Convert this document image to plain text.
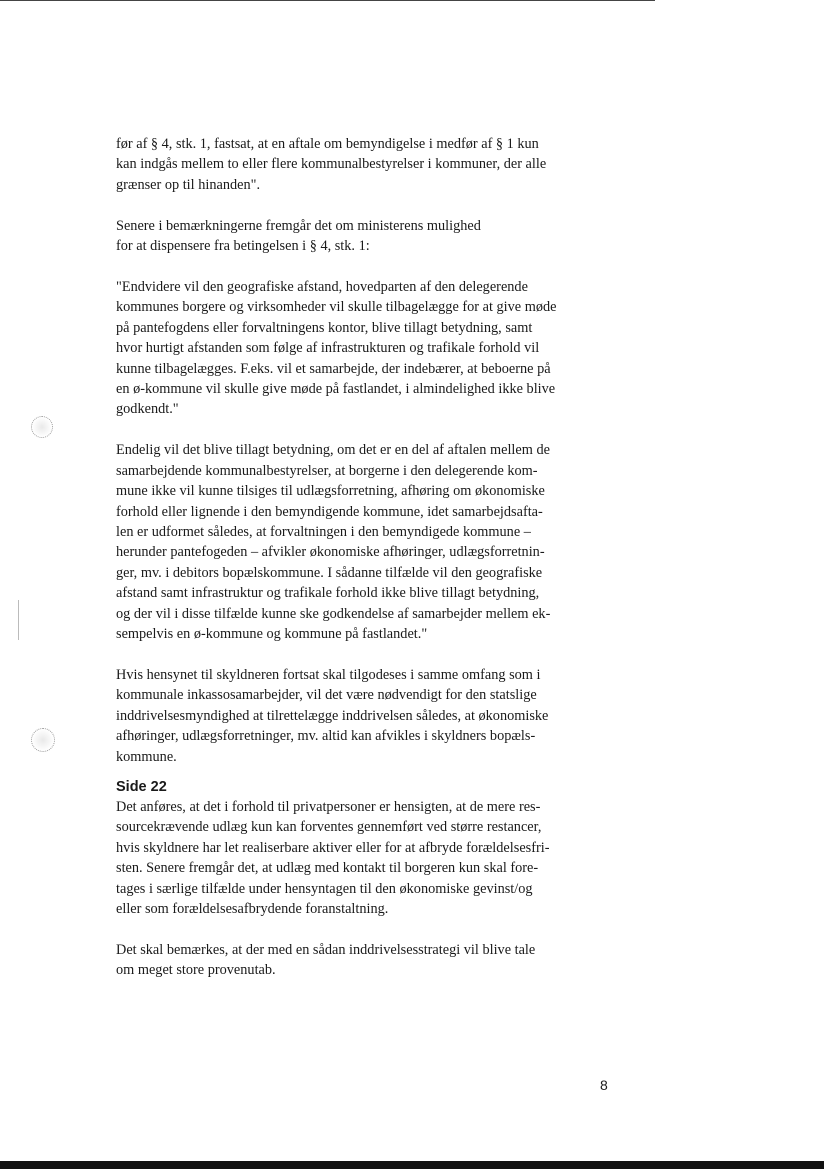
før af § 4, stk. 1, fastsat, at en aftale om bemyndigelse i medfør af § 1 kun
kan indgås mellem to eller flere kommunalbestyrelser i kommuner, der alle
grænser op til hinanden".

Senere i bemærkningerne fremgår det om ministerens mulighed
for at dispensere fra betingelsen i § 4, stk. 1:

"Endvidere vil den geografiske afstand, hovedparten af den delegerende
kommunes borgere og virksomheder vil skulle tilbagelægge for at give møde
på pantefogdens eller forvaltningens kontor, blive tillagt betydning, samt
hvor hurtigt afstanden som følge af infrastrukturen og trafikale forhold vil
kunne tilbagelægges. F.eks. vil et samarbejde, der indebærer, at beboerne på
en ø-kommune vil skulle give møde på fastlandet, i almindelighed ikke blive
godkendt."

Endelig vil det blive tillagt betydning, om det er en del af aftalen mellem de
samarbejdende kommunalbestyrelser, at borgerne i den delegerende kom-
mune ikke vil kunne tilsiges til udlægsforretning, afhøring om økonomiske
forhold eller lignende i den bemyndigende kommune, idet samarbejdsafta-
len er udformet således, at forvaltningen i den bemyndigede kommune –
herunder pantefogeden – afvikler økonomiske afhøringer, udlægsforretnin-
ger, mv. i debitors bopælskommune. I sådanne tilfælde vil den geografiske
afstand samt infrastruktur og trafikale forhold ikke blive tillagt betydning,
og der vil i disse tilfælde kunne ske godkendelse af samarbejder mellem ek-
sempelvis en ø-kommune og kommune på fastlandet."

Hvis hensynet til skyldneren fortsat skal tilgodeses i samme omfang som i
kommunale inkassosamarbejder, vil det være nødvendigt for den statslige
inddrivelsesmyndighed at tilrettelægge inddrivelsen således, at økonomiske
afhøringer, udlægsforretninger, mv. altid kan afvikles i skyldners bopæls-
kommune.

Side 22

Det anføres, at det i forhold til privatpersoner er hensigten, at de mere res-
sourcekrævende udlæg kun kan forventes gennemført ved større restancer,
hvis skyldnere har let realiserbare aktiver eller for at afbryde forældelsesfri-
sten. Senere fremgår det, at udlæg med kontakt til borgeren kun skal fore-
tages i særlige tilfælde under hensyntagen til den økonomiske gevinst/og
eller som forældelsesafbrydende foranstaltning.

Det skal bemærkes, at der med en sådan inddrivelsesstrategi vil blive tale
om meget store provenutab.

8
